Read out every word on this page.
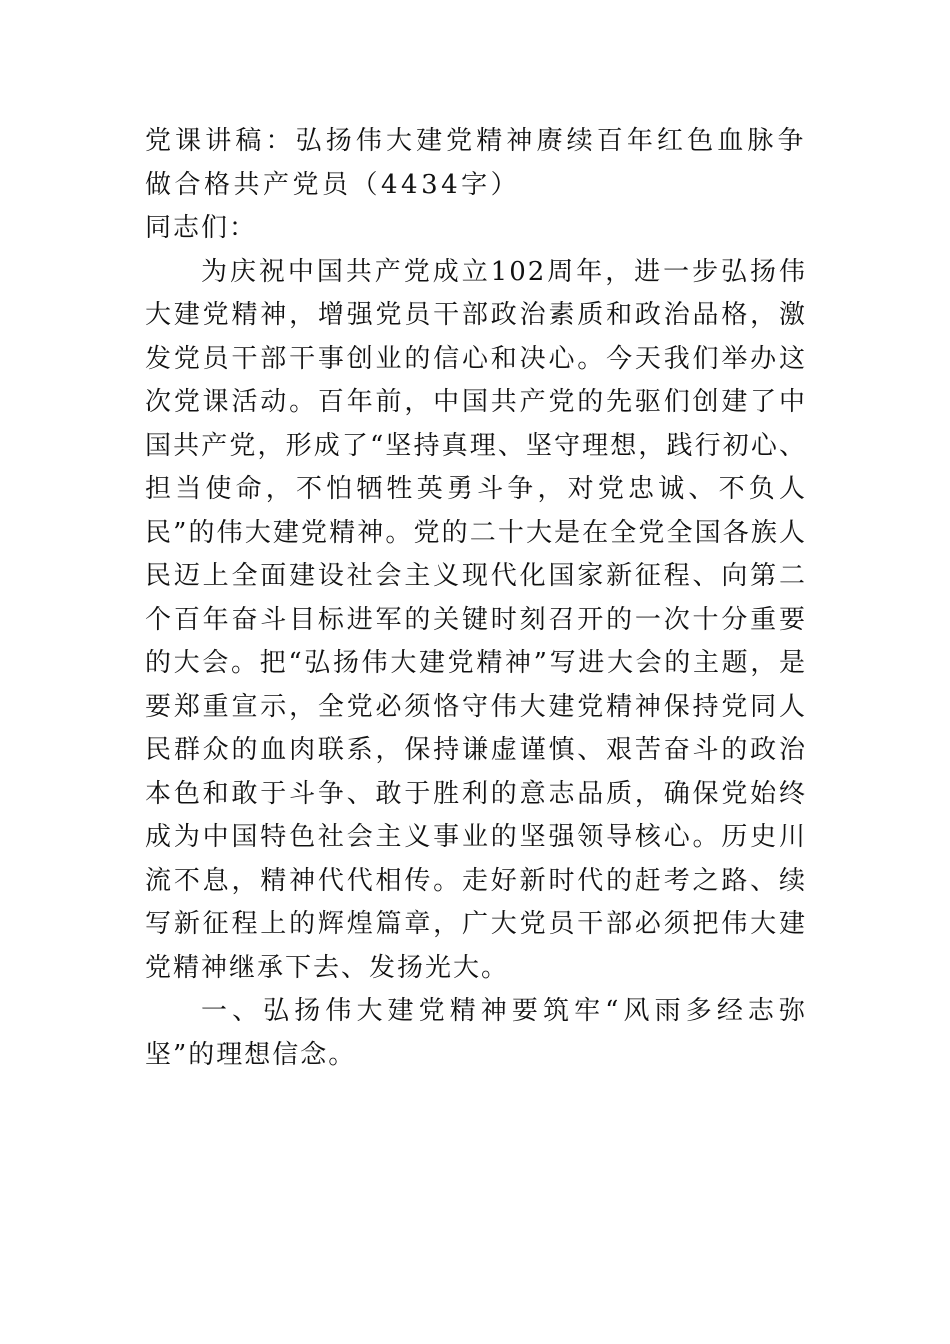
党课讲稿：弘扬伟大建党精神赓续百年红色血脉争做合格共产党员（4434字）

同志们：

为庆祝中国共产党成立102周年，进一步弘扬伟大建党精神，增强党员干部政治素质和政治品格，激发党员干部干事创业的信心和决心。今天我们举办这次党课活动。百年前，中国共产党的先驱们创建了中国共产党，形成了“坚持真理、坚守理想，践行初心、担当使命，不怕牺牲英勇斗争，对党忠诚、不负人民”的伟大建党精神。党的二十大是在全党全国各族人民迈上全面建设社会主义现代化国家新征程、向第二个百年奋斗目标进军的关键时刻召开的一次十分重要的大会。把“弘扬伟大建党精神”写进大会的主题，是要郑重宣示，全党必须恪守伟大建党精神保持党同人民群众的血肉联系，保持谦虚谨慎、艰苦奋斗的政治本色和敢于斗争、敢于胜利的意志品质，确保党始终成为中国特色社会主义事业的坚强领导核心。历史川流不息，精神代代相传。走好新时代的赶考之路、续写新征程上的辉煌篇章，广大党员干部必须把伟大建党精神继承下去、发扬光大。

一、弘扬伟大建党精神要筑牢“风雨多经志弥坚”的理想信念。
